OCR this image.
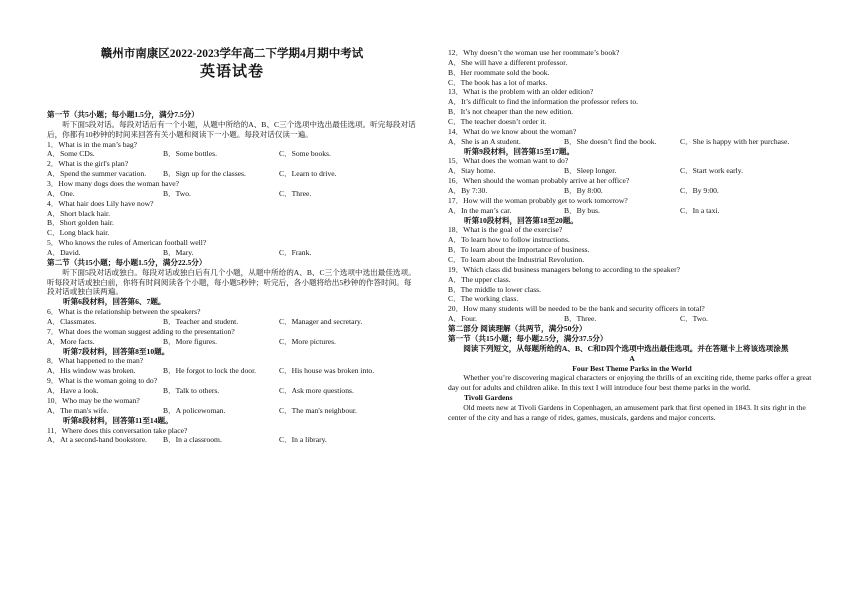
赣州市南康区2022-2023学年高二下学期4月期中考试
英语试卷

第一节（共5小题；每小题1.5分，满分7.5分）

听下面5段对话。每段对话后有一个小题，从题中所给的A、B、C三个选项中选出最佳选项。听完每段对话后，你都有10秒钟的时间来回答有关小题和阅读下一小题。每段对话仅读一遍。

1．What is in the man’s bag?

A．Some CDs.	B．Some bottles.	C．Some books.

2．What is the girl's plan?

A．Spend the summer vacation.	B．Sign up for the classes.	C．Learn to drive.

3．How many dogs does the woman have?

A．One.	B．Two.	C．Three.

4．What hair does Lily have now?

A．Short black hair.

B．Short golden hair.

C．Long black hair.

5．Who knows the rules of American football well?

A．David.	B．Mary.	C．Frank.

第二节（共15小题；每小题1.5分，满分22.5分）

听下面5段对话或独白。每段对话或独白后有几个小题，从题中所给的A、B、C三个选项中选出最佳选项。听每段对话或独白前，你将有时间阅读各个小题，每小题5秒钟；听完后，各小题将给出5秒钟的作答时间。每段对话或独白读两遍。

听第6段材料，回答第6、7题。

6．What is the relationship between the speakers?

A．Classmates.	B．Teacher and student.	C．Manager and secretary.

7．What does the woman suggest adding to the presentation?

A．More facts.	B．More figures.	C．More pictures.

听第7段材料，回答第8至10题。

8．What happened to the man?

A．His window was broken.	B．He forgot to lock the door.	C．His house was broken into.

9．What is the woman going to do?

A．Have a look.	B．Talk to others.	C．Ask more questions.

10．Who may be the woman?

A．The man's wife.	B．A policewoman.	C．The man's neighbour.

听第8段材料，回答第11至14题。

11．Where does this conversation take place?

A．At a second-hand bookstore.	B．In a classroom.	C．In a library.

12．Why doesn’t the woman use her roommate’s book?

A．She will have a different professor.

B．Her roommate sold the book.

C．The book has a lot of marks.

13．What is the problem with an older edition?

A．It’s difficult to find the information the professor refers to.

B．It’s not cheaper than the new edition.

C．The teacher doesn’t order it.

14．What do we know about the woman?

A．She is an A student.	B．She doesn’t find the book.	C．She is happy with her purchase.

听第9段材料，回答第15至17题。

15．What does the woman want to do?

A．Stay home.	B．Sleep longer.	C．Start work early.

16．When should the woman probably arrive at her office?

A．By 7:30.	B．By 8:00.	C．By 9:00.

17．How will the woman probably get to work tomorrow?

A．In the man’s car.	B．By bus.	C．In a taxi.

听第10段材料，回答第18至20题。

18．What is the goal of the exercise?

A．To learn how to follow instructions.

B．To learn about the importance of business.

C．To learn about the Industrial Revolution.

19．Which class did business managers belong to according to the speaker?

A．The upper class.

B．The middle to lower class.

C．The working class.

20．How many students will be needed to be the bank and security officers in total?

A．Four.	B．Three.	C．Two.

第二部分 阅读理解（共两节，满分50分）

第一节（共15小题；每小题2.5分，满分37.5分）

阅读下列短文，从每题所给的A、B、C和D四个选项中选出最佳选项。并在答题卡上将该选项涂黑

A

Four Best Theme Parks in the World

Whether you’re discovering magical characters or enjoying the thrills of an exciting ride, theme parks offer a great day out for adults and children alike. In this text I will introduce four best theme parks in the world.

Tivoli Gardens

Old meets new at Tivoli Gardens in Copenhagen, an amusement park that first opened in 1843. It sits right in the center of the city and has a range of rides, games, musicals, gardens and major concerts.
